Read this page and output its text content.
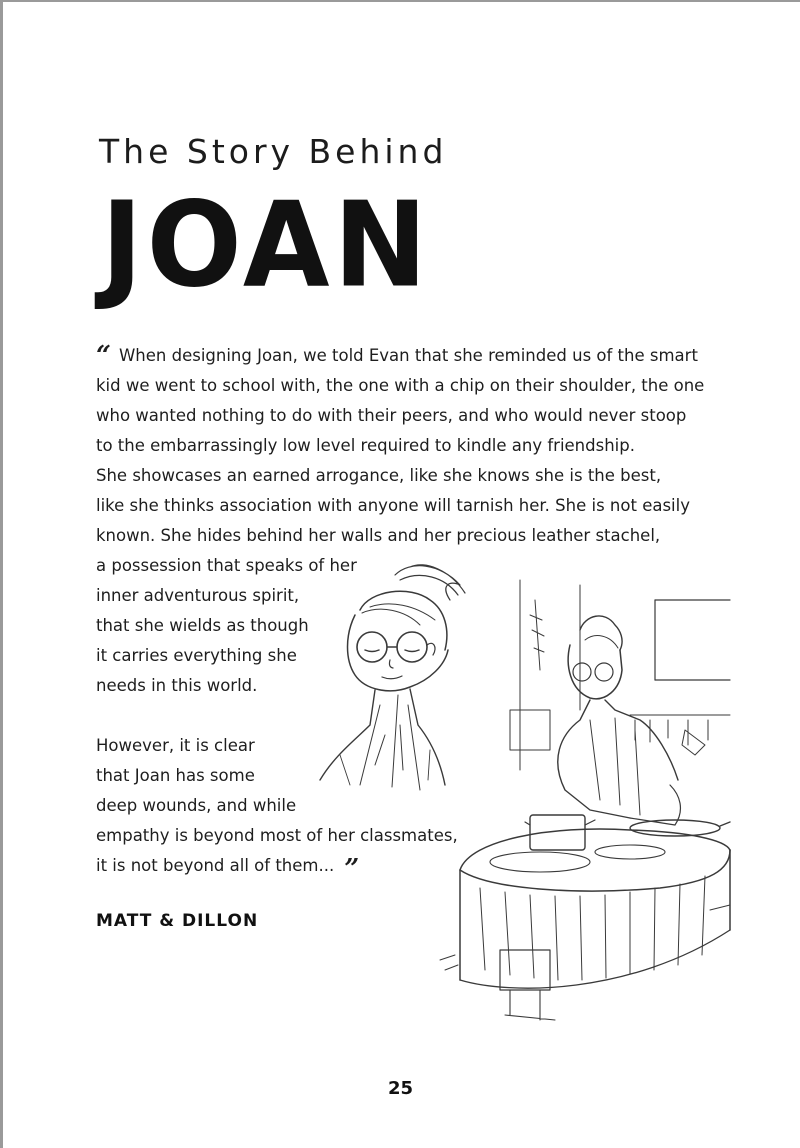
The Story Behind
JOAN
“ When designing Joan, we told Evan that she reminded us of the smart
kid we went to school with, the one with a chip on their shoulder, the one
who wanted nothing to do with their peers, and who would never stoop
to the embarrassingly low level required to kindle any friendship.
She showcases an earned arrogance, like she knows she is the best,
like she thinks association with anyone will tarnish her. She is not easily
known. She hides behind her walls and her precious leather stachel,
a possession that speaks of her
inner adventurous spirit,
that she wields as though
it carries everything she
needs in this world.
However, it is clear
that Joan has some
deep wounds, and while
empathy is beyond most of her classmates,
it is not beyond all of them... ”

MATT & DILLON

25
